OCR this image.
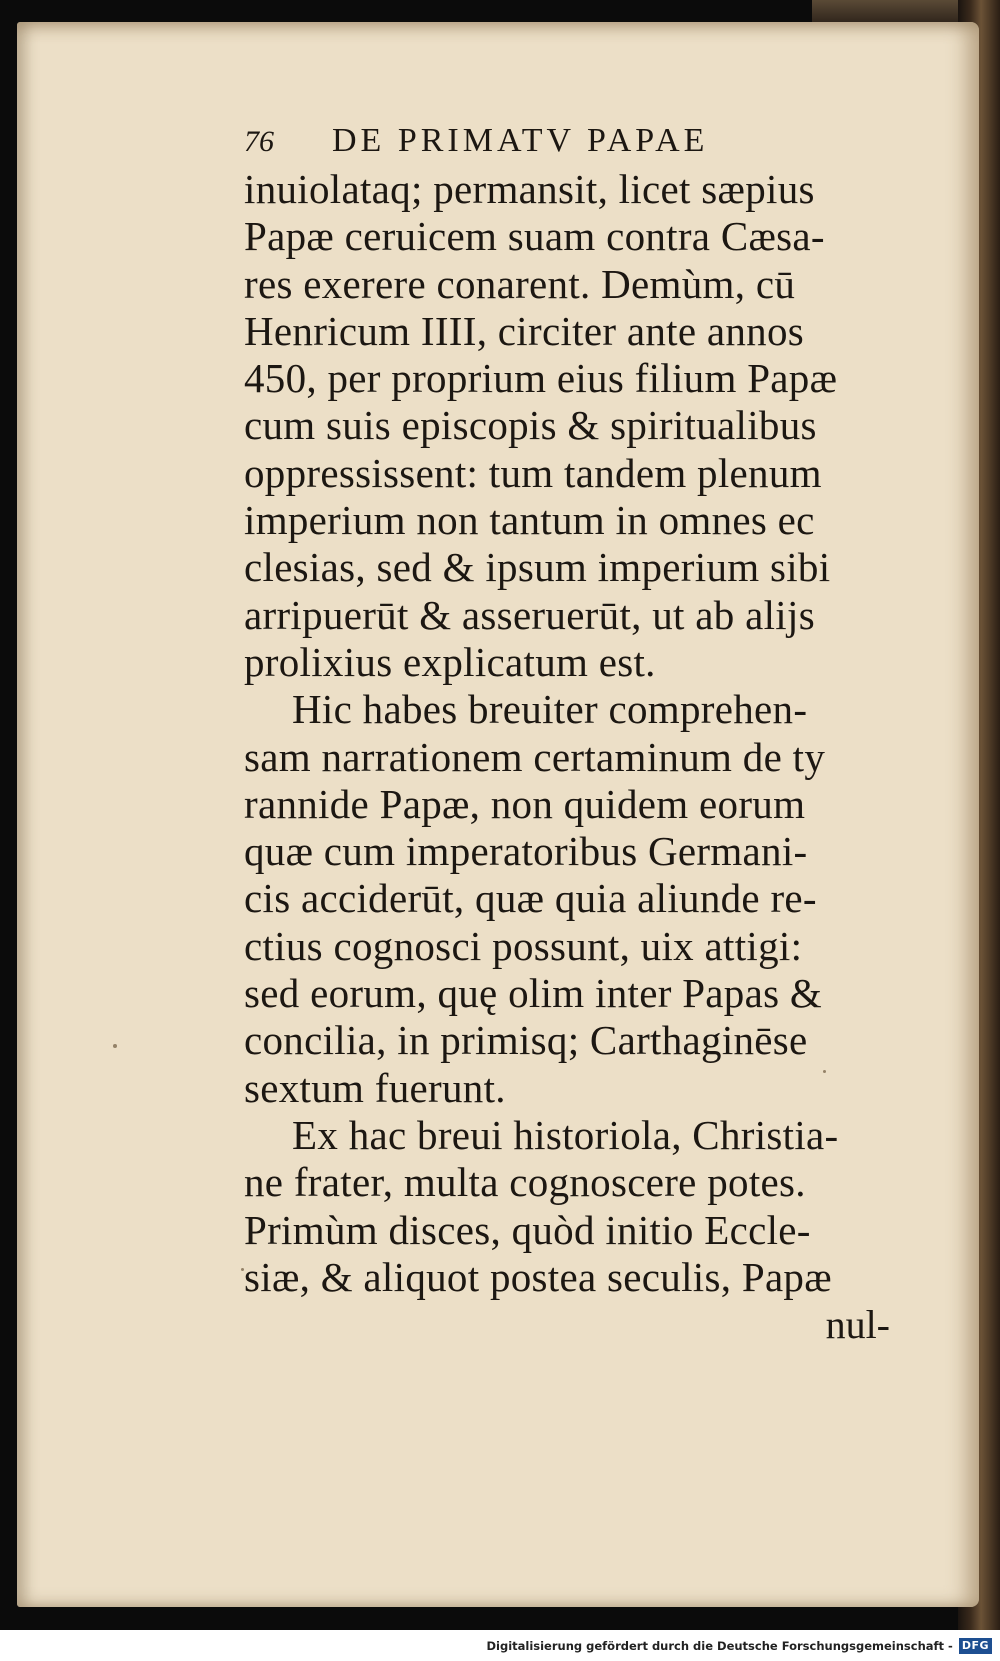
76 DE PRIMATV PAPAE
inuiolataq; permansit, licet sæpius
Papæ ceruicem suam contra Cæsa-
res exerere conarent. Demùm, cū
Henricum IIII, circiter ante annos
450, per proprium eius filium Papæ
cum suis episcopis & spiritualibus
oppressissent: tum tandem plenum
imperium non tantum in omnes ec
clesias, sed & ipsum imperium sibi
arripuerūt & asseruerūt, ut ab alijs
prolixius explicatum est.
Hic habes breuiter comprehen-
sam narrationem certaminum de ty
rannide Papæ, non quidem eorum
quæ cum imperatoribus Germani-
cis acciderūt, quæ quia aliunde re-
ctius cognosci possunt, uix attigi:
sed eorum, quę olim inter Papas &
concilia, in primisq; Carthaginēse
sextum fuerunt.
Ex hac breui historiola, Christia-
ne frater, multa cognoscere potes.
Primùm disces, quòd initio Eccle-
siæ, & aliquot postea seculis, Papæ
nul-
Digitalisierung gefördert durch die Deutsche Forschungsgemeinschaft - DFG
